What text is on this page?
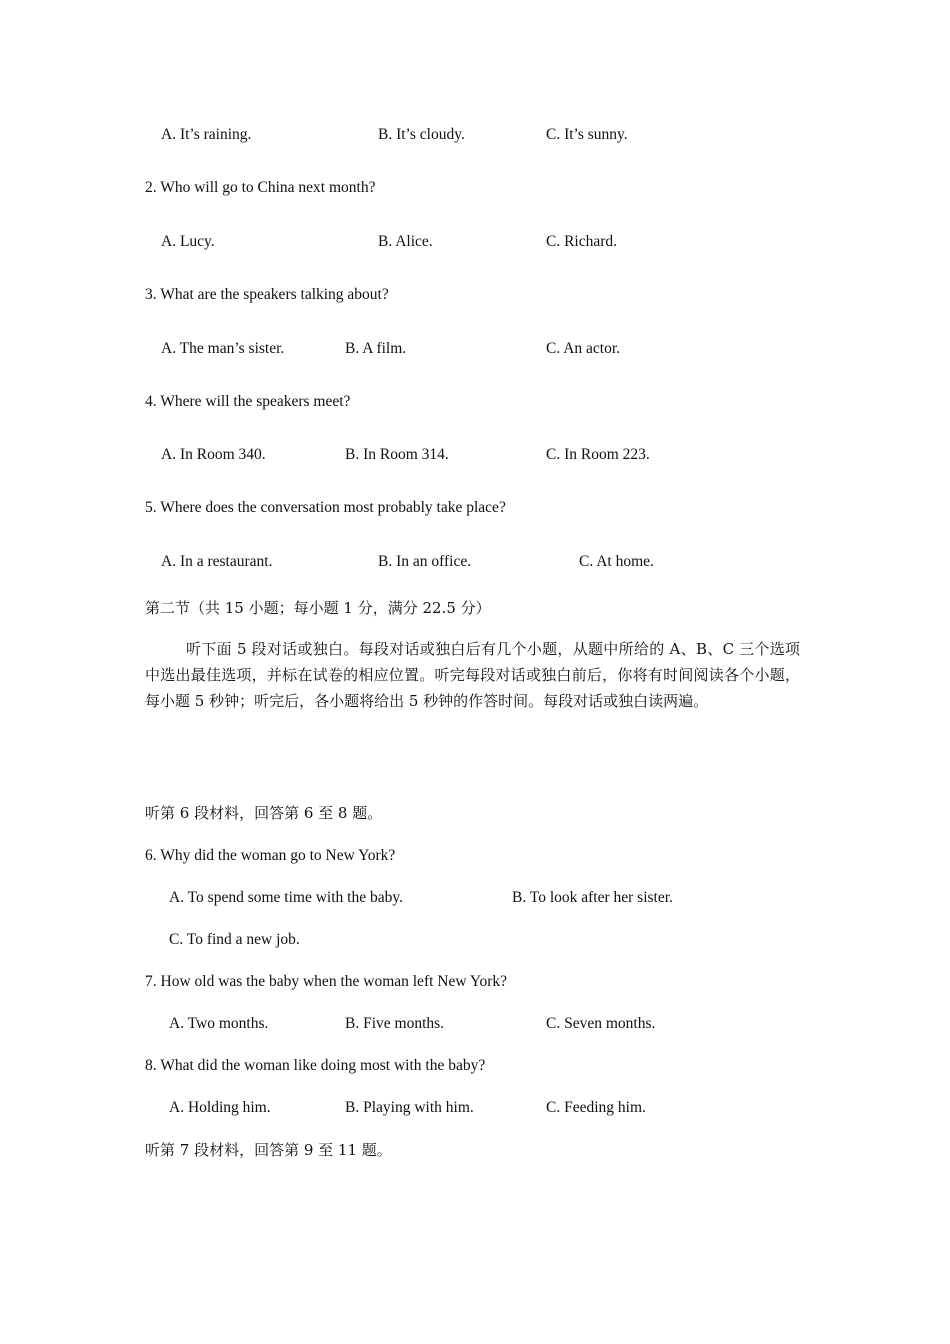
A. It’s raining.	B. It’s cloudy.	C. It’s sunny.
2. Who will go to China next month?
A. Lucy.	B. Alice.	C. Richard.
3. What are the speakers talking about?
A. The man’s sister.	B. A film.	C. An actor.
4. Where will the speakers meet?
A. In Room 340.	B. In Room 314.	C. In Room 223.
5. Where does the conversation most probably take place?
A. In a restaurant.	B. In an office.	C. At home.
第二节（共 15 小题；每小题 1 分，满分 22.5 分）
听下面 5 段对话或独白。每段对话或独白后有几个小题，从题中所给的 A、B、C 三个选项中选出最佳选项，并标在试卷的相应位置。听完每段对话或独白前后，你将有时间阅读各个小题，每小题 5 秒钟；听完后，各小题将给出 5 秒钟的作答时间。每段对话或独白读两遍。
听第 6 段材料，回答第 6 至 8 题。
6. Why did the woman go to New York?
A. To spend some time with the baby.	B. To look after her sister.
C. To find a new job.
7. How old was the baby when the woman left New York?
A. Two months.	B. Five months.	C. Seven months.
8. What did the woman like doing most with the baby?
A. Holding him.	B. Playing with him.	C. Feeding him.
听第 7 段材料，回答第 9 至 11 题。
